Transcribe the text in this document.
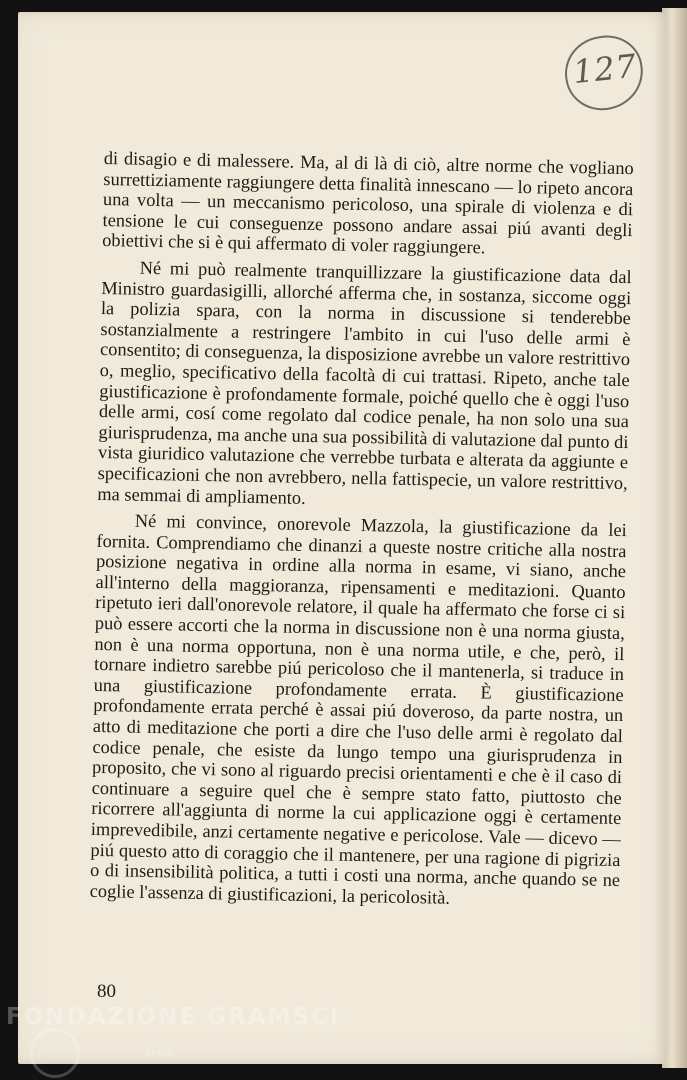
127

di disagio e di malessere. Ma, al di là di ciò, altre norme che vogliano surrettiziamente raggiungere detta finalità innescano — lo ripeto ancora una volta — un meccanismo pericoloso, una spirale di violenza e di tensione le cui conseguenze possono andare assai piú avanti degli obiettivi che si è qui affermato di voler raggiungere.

Né mi può realmente tranquillizzare la giustificazione data dal Ministro guardasigilli, allorché afferma che, in sostanza, siccome oggi la polizia spara, con la norma in discussione si tenderebbe sostanzialmente a restringere l'ambito in cui l'uso delle armi è consentito; di conseguenza, la disposizione avrebbe un valore restrittivo o, meglio, specificativo della facoltà di cui trattasi. Ripeto, anche tale giustificazione è profondamente formale, poiché quello che è oggi l'uso delle armi, cosí come regolato dal codice penale, ha non solo una sua giurisprudenza, ma anche una sua possibilità di valutazione dal punto di vista giuridico valutazione che verrebbe turbata e alterata da aggiunte e specificazioni che non avrebbero, nella fattispecie, un valore restrittivo, ma semmai di ampliamento.

Né mi convince, onorevole Mazzola, la giustificazione da lei fornita. Comprendiamo che dinanzi a queste nostre critiche alla nostra posizione negativa in ordine alla norma in esame, vi siano, anche all'interno della maggioranza, ripensamenti e meditazioni. Quanto ripetuto ieri dall'onorevole relatore, il quale ha affermato che forse ci si può essere accorti che la norma in discussione non è una norma giusta, non è una norma opportuna, non è una norma utile, e che, però, il tornare indietro sarebbe piú pericoloso che il mantenerla, si traduce in una giustificazione profondamente errata. È giustificazione profondamente errata perché è assai piú doveroso, da parte nostra, un atto di meditazione che porti a dire che l'uso delle armi è regolato dal codice penale, che esiste da lungo tempo una giurisprudenza in proposito, che vi sono al riguardo precisi orientamenti e che è il caso di continuare a seguire quel che è sempre stato fatto, piuttosto che ricorrere all'aggiunta di norme la cui applicazione oggi è certamente imprevedibile, anzi certamente negative e pericolose. Vale — dicevo — piú questo atto di coraggio che il mantenere, per una ragione di pigrizia o di insensibilità politica, a tutti i costi una norma, anche quando se ne coglie l'assenza di giustificazioni, la pericolosità.

80
FONDAZIONE GRAMSCI
onlus
